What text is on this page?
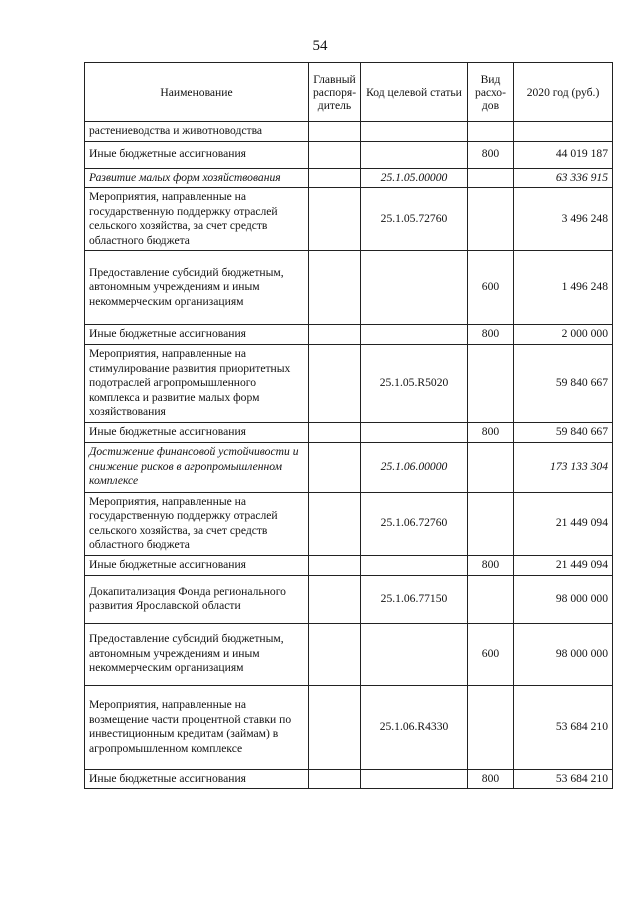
54
Наименование	Главный распоря-дитель	Код целевой статьи	Вид расхо-дов	2020 год (руб.)
растениеводства и животноводства				
Иные бюджетные ассигнования			800	44 019 187
Развитие малых форм хозяйствования		25.1.05.00000		63 336 915
Мероприятия, направленные на государственную поддержку отраслей сельского хозяйства, за счет средств областного бюджета		25.1.05.72760		3 496 248
Предоставление субсидий бюджетным, автономным учреждениям и иным некоммерческим организациям			600	1 496 248
Иные бюджетные ассигнования			800	2 000 000
Мероприятия, направленные на стимулирование развития приоритетных подотраслей агропромышленного комплекса и развитие малых форм хозяйствования		25.1.05.R5020		59 840 667
Иные бюджетные ассигнования			800	59 840 667
Достижение финансовой устойчивости и снижение рисков в агропромышленном комплексе		25.1.06.00000		173 133 304
Мероприятия, направленные на государственную поддержку отраслей сельского хозяйства, за счет средств областного бюджета		25.1.06.72760		21 449 094
Иные бюджетные ассигнования			800	21 449 094
Докапитализация Фонда регионального развития Ярославской области		25.1.06.77150		98 000 000
Предоставление субсидий бюджетным, автономным учреждениям и иным некоммерческим организациям			600	98 000 000
Мероприятия, направленные на возмещение части процентной ставки по инвестиционным кредитам (займам) в агропромышленном комплексе		25.1.06.R4330		53 684 210
Иные бюджетные ассигнования			800	53 684 210
